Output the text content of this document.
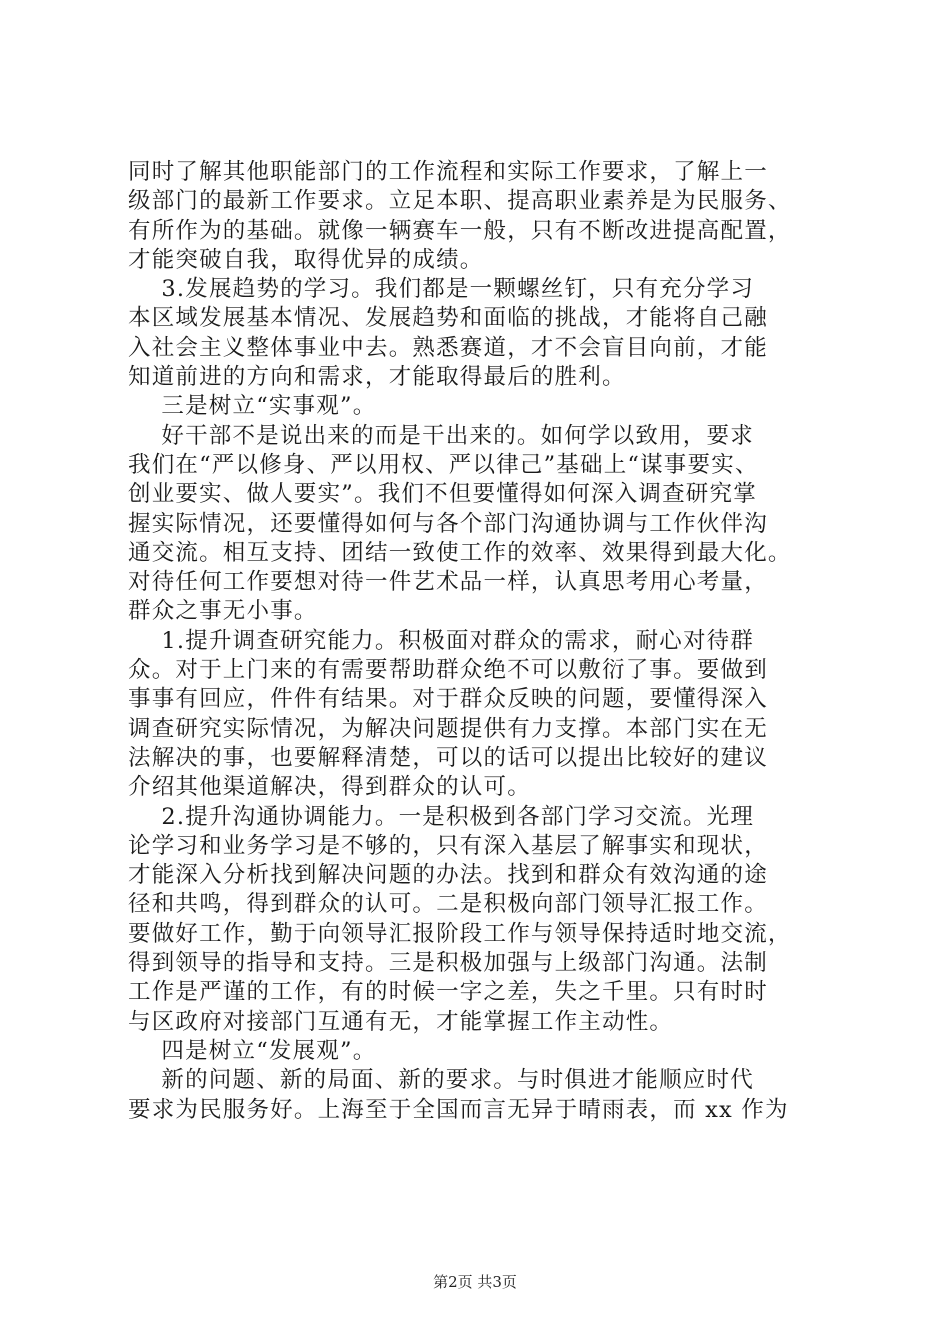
同时了解其他职能部门的工作流程和实际工作要求，了解上一
级部门的最新工作要求。立足本职、提高职业素养是为民服务、
有所作为的基础。就像一辆赛车一般，只有不断改进提高配置，
才能突破自我，取得优异的成绩。
3.发展趋势的学习。我们都是一颗螺丝钉，只有充分学习
本区域发展基本情况、发展趋势和面临的挑战，才能将自己融
入社会主义整体事业中去。熟悉赛道，才不会盲目向前，才能
知道前进的方向和需求，才能取得最后的胜利。
三是树立“实事观”。
好干部不是说出来的而是干出来的。如何学以致用，要求
我们在“严以修身、严以用权、严以律己”基础上“谋事要实、
创业要实、做人要实”。我们不但要懂得如何深入调查研究掌
握实际情况，还要懂得如何与各个部门沟通协调与工作伙伴沟
通交流。相互支持、团结一致使工作的效率、效果得到最大化。
对待任何工作要想对待一件艺术品一样，认真思考用心考量，
群众之事无小事。
1.提升调查研究能力。积极面对群众的需求，耐心对待群
众。对于上门来的有需要帮助群众绝不可以敷衍了事。要做到
事事有回应，件件有结果。对于群众反映的问题，要懂得深入
调查研究实际情况，为解决问题提供有力支撑。本部门实在无
法解决的事，也要解释清楚，可以的话可以提出比较好的建议
介绍其他渠道解决，得到群众的认可。
2.提升沟通协调能力。一是积极到各部门学习交流。光理
论学习和业务学习是不够的，只有深入基层了解事实和现状，
才能深入分析找到解决问题的办法。找到和群众有效沟通的途
径和共鸣，得到群众的认可。二是积极向部门领导汇报工作。
要做好工作，勤于向领导汇报阶段工作与领导保持适时地交流，
得到领导的指导和支持。三是积极加强与上级部门沟通。法制
工作是严谨的工作，有的时候一字之差，失之千里。只有时时
与区政府对接部门互通有无，才能掌握工作主动性。
四是树立“发展观”。
新的问题、新的局面、新的要求。与时俱进才能顺应时代
要求为民服务好。上海至于全国而言无异于晴雨表，而 xx 作为
第2页 共3页
